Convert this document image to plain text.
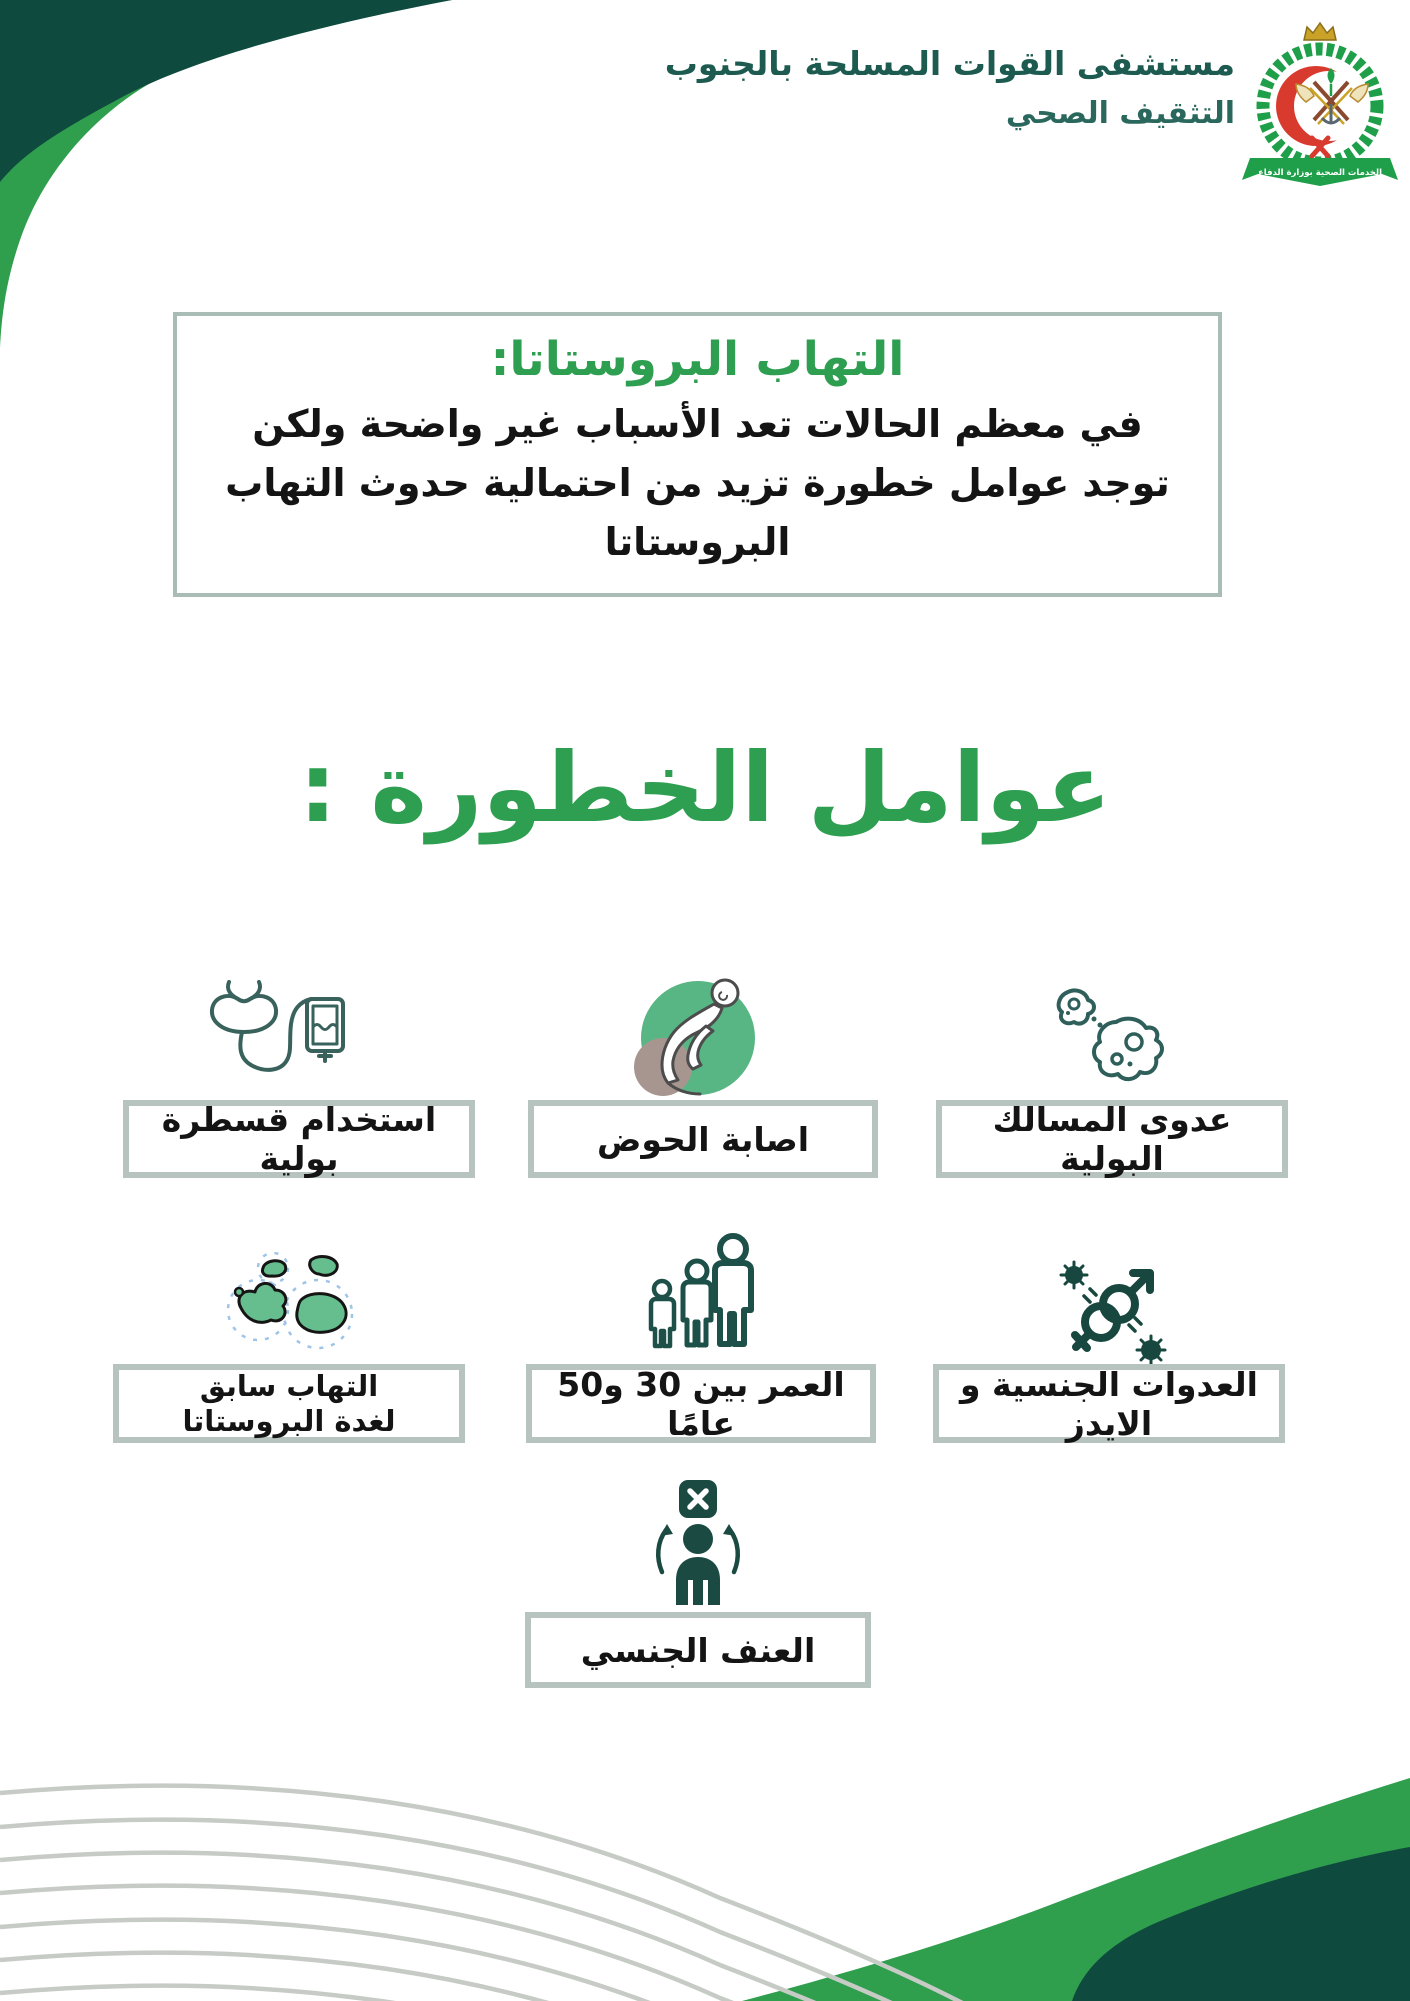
مستشفى القوات المسلحة بالجنوب
التثقيف الصحي
الخدمات الصحية بوزارة الدفاع
التهاب البروستاتا:
في معظم الحالات تعد الأسباب غير واضحة ولكن توجد عوامل خطورة تزيد من احتمالية حدوث التهاب البروستاتا
عوامل الخطورة :
استخدام قسطرة بولية	اصابة الحوض	عدوى المسالك البولية
التهاب سابق
لغدة البروستاتا
العمر بين 30 و50 عامًا
العدوات الجنسية و الايدز
العنف الجنسي
